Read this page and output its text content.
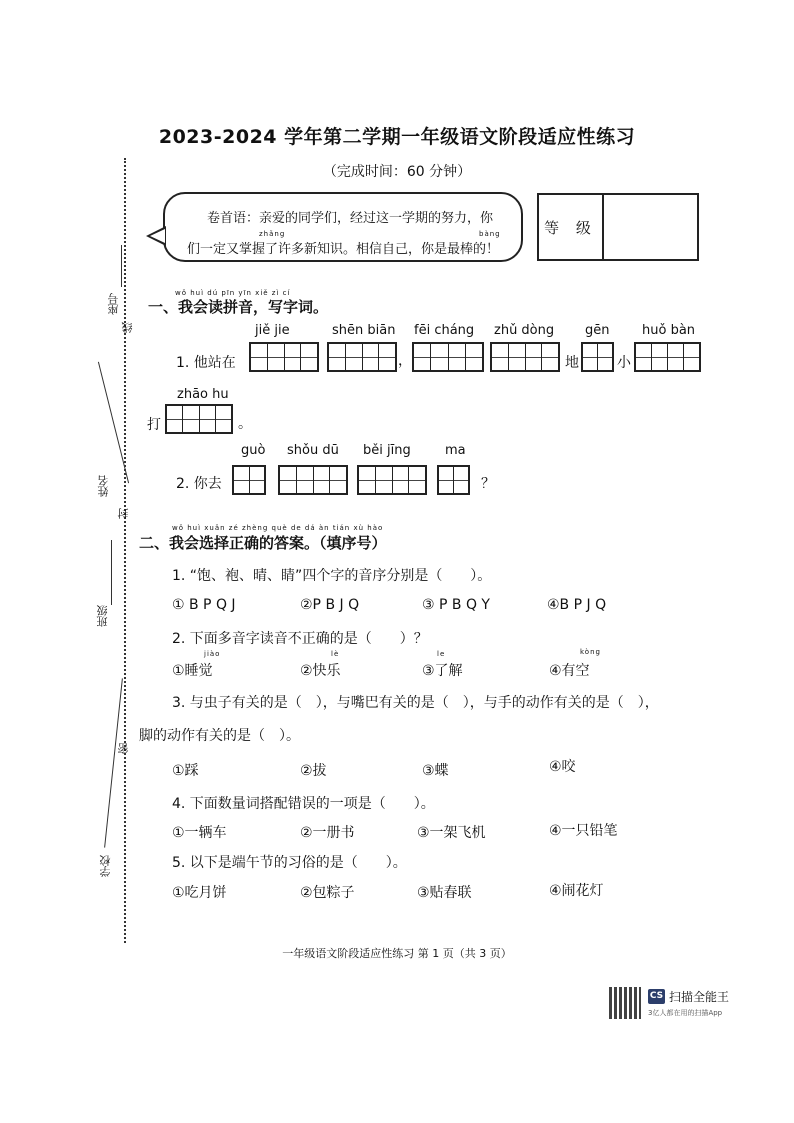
2023-2024 学年第二学期一年级语文阶段适应性练习
（完成时间：60 分钟）
卷首语：亲爱的同学们，经过这一学期的努力，你
zhǎng	bàng
们一定又掌握了许多新知识。相信自己，你是最棒的！
等 级
座号
线
姓名
封
班级
密
学校
wǒ huì dú pīn yīn xiě zì cí
一、我会读拼音，写字词。
jiě jie	shēn biān fēi cháng zhǔ dòng gēn	huǒ bàn
1. 他站在	，	地	小
zhāo hu
打	。
guò shǒu dū běi jīng	ma
2. 你去	？
wǒ huì xuǎn zé zhèng què de dá àn tián xù hào
二、我会选择正确的答案。（填序号）
1. “饱、袍、晴、睛”四个字的音序分别是（　　）。
① B P Q J	②P B J Q	③ P B Q Y	④B P J Q
2. 下面多音字读音不正确的是（　　）？
jiào	lè	le	kòng
①睡觉	②快乐	③了解	④有空
3. 与虫子有关的是（　），与嘴巴有关的是（　），与手的动作有关的是（　），
脚的动作有关的是（　）。
①踩	②拔	③蝶	④咬
4. 下面数量词搭配错误的一项是（　　）。
①一辆车	②一册书	③一架飞机	④一只铅笔
5. 以下是端午节的习俗的是（　　）。
①吃月饼	②包粽子	③贴春联	④闹花灯
一年级语文阶段适应性练习 第 1 页（共 3 页）
CS 扫描全能王
3亿人都在用的扫描App
